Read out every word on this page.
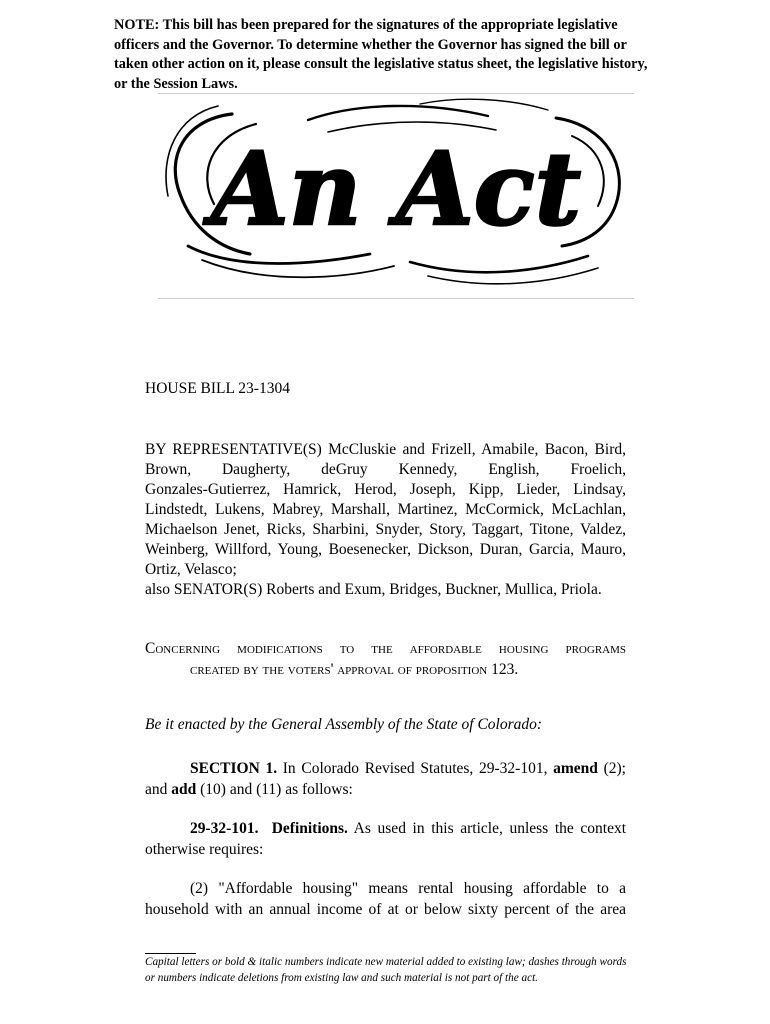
NOTE: This bill has been prepared for the signatures of the appropriate legislative officers and the Governor. To determine whether the Governor has signed the bill or taken other action on it, please consult the legislative status sheet, the legislative history, or the Session Laws.
An Act
HOUSE BILL 23-1304
BY REPRESENTATIVE(S) McCluskie and Frizell, Amabile, Bacon, Bird,
Brown, Daugherty, deGruy Kennedy, English, Froelich,
Gonzales-Gutierrez, Hamrick, Herod, Joseph, Kipp, Lieder, Lindsay,
Lindstedt, Lukens, Mabrey, Marshall, Martinez, McCormick, McLachlan,
Michaelson Jenet, Ricks, Sharbini, Snyder, Story, Taggart, Titone, Valdez,
Weinberg, Willford, Young, Boesenecker, Dickson, Duran, Garcia, Mauro,
Ortiz, Velasco;
also SENATOR(S) Roberts and Exum, Bridges, Buckner, Mullica, Priola.
Concerning modifications to the affordable housing programs
created by the voters' approval of proposition 123.
Be it enacted by the General Assembly of the State of Colorado:
SECTION 1. In Colorado Revised Statutes, 29-32-101, amend (2);
and add (10) and (11) as follows:
29-32-101. Definitions. As used in this article, unless the context
otherwise requires:
(2) "Affordable housing" means rental housing affordable to a
household with an annual income of at or below sixty percent of the area
Capital letters or bold & italic numbers indicate new material added to existing law; dashes through words or numbers indicate deletions from existing law and such material is not part of the act.
